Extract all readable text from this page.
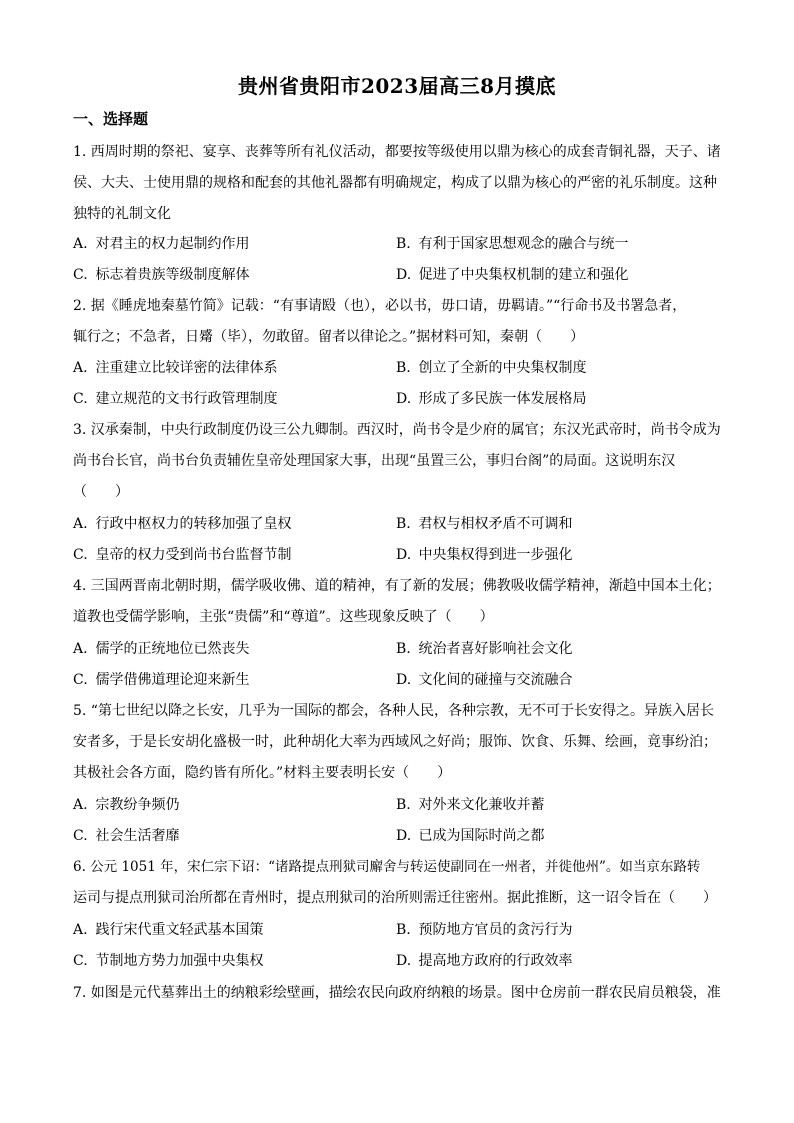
贵州省贵阳市2023届高三8月摸底
一、选择题
1. 西周时期的祭祀、宴享、丧葬等所有礼仪活动，都要按等级使用以鼎为核心的成套青铜礼器，天子、诸
侯、大夫、士使用鼎的规格和配套的其他礼器都有明确规定，构成了以鼎为核心的严密的礼乐制度。这种
独特的礼制文化
A. 对君主的权力起制约作用	B. 有利于国家思想观念的融合与统一
C. 标志着贵族等级制度解体	D. 促进了中央集权机制的建立和强化
2. 据《睡虎地秦墓竹简》记载：“有事请殹（也），必以书，毋口请，毋羁请。”“行命书及书署急者，
辄行之；不急者，日觱（毕），勿敢留。留者以律论之。”据材料可知，秦朝（　　）
A. 注重建立比较详密的法律体系	B. 创立了全新的中央集权制度
C. 建立规范的文书行政管理制度	D. 形成了多民族一体发展格局
3. 汉承秦制，中央行政制度仍设三公九卿制。西汉时，尚书令是少府的属官；东汉光武帝时，尚书令成为
尚书台长官，尚书台负责辅佐皇帝处理国家大事，出现“虽置三公，事归台阁”的局面。这说明东汉
（　　）
A. 行政中枢权力的转移加强了皇权	B. 君权与相权矛盾不可调和
C. 皇帝的权力受到尚书台监督节制	D. 中央集权得到进一步强化
4. 三国两晋南北朝时期，儒学吸收佛、道的精神，有了新的发展；佛教吸收儒学精神，渐趋中国本土化；
道教也受儒学影响，主张“贵儒”和“尊道”。这些现象反映了（　　）
A. 儒学的正统地位已然丧失	B. 统治者喜好影响社会文化
C. 儒学借佛道理论迎来新生	D. 文化间的碰撞与交流融合
5. “第七世纪以降之长安，几乎为一国际的都会，各种人民，各种宗教，无不可于长安得之。异族入居长
安者多，于是长安胡化盛极一时，此种胡化大率为西域风之好尚；服饰、饮食、乐舞、绘画，竟事纷泊；
其极社会各方面，隐约皆有所化。”材料主要表明长安（　　）
A. 宗教纷争频仍	B. 对外来文化兼收并蓄
C. 社会生活奢靡	D. 已成为国际时尚之都
6. 公元 1051 年，宋仁宗下诏：“诸路提点刑狱司廨舍与转运使副同在一州者，并徙他州”。如当京东路转
运司与提点刑狱司治所都在青州时，提点刑狱司的治所则需迁往密州。据此推断，这一诏令旨在（　　）
A. 践行宋代重文轻武基本国策	B. 预防地方官员的贪污行为
C. 节制地方势力加强中央集权	D. 提高地方政府的行政效率
7. 如图是元代墓葬出土的纳粮彩绘壁画，描绘农民向政府纳粮的场景。图中仓房前一群农民肩员粮袋，准
